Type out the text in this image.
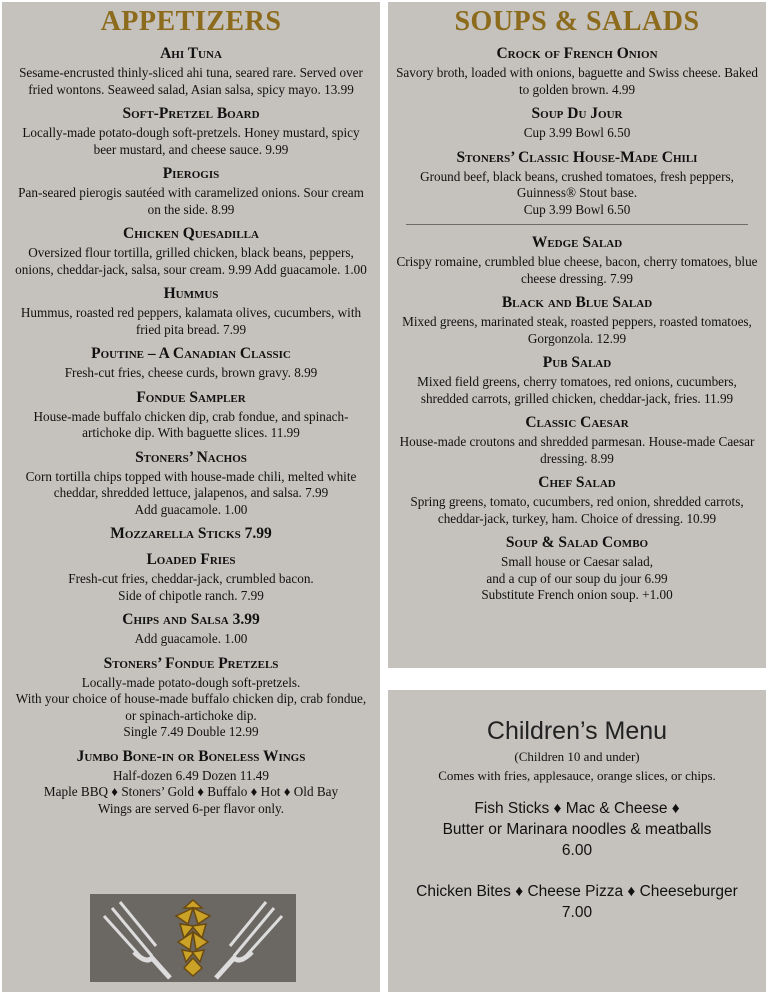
APPETIZERS
Ahi Tuna
Sesame-encrusted thinly-sliced ahi tuna, seared rare. Served over fried wontons. Seaweed salad, Asian salsa, spicy mayo. 13.99
Soft-Pretzel Board
Locally-made potato-dough soft-pretzels. Honey mustard, spicy beer mustard, and cheese sauce. 9.99
Pierogis
Pan-seared pierogis sautéed with caramelized onions. Sour cream on the side. 8.99
Chicken Quesadilla
Oversized flour tortilla, grilled chicken, black beans, peppers, onions, cheddar-jack, salsa, sour cream. 9.99 Add guacamole. 1.00
Hummus
Hummus, roasted red peppers, kalamata olives, cucumbers, with fried pita bread. 7.99
Poutine – A Canadian Classic
Fresh-cut fries, cheese curds, brown gravy. 8.99
Fondue Sampler
House-made buffalo chicken dip, crab fondue, and spinach-artichoke dip. With baguette slices. 11.99
Stoners’ Nachos
Corn tortilla chips topped with house-made chili, melted white cheddar, shredded lettuce, jalapenos, and salsa. 7.99
Add guacamole. 1.00
Mozzarella Sticks 7.99
Loaded Fries
Fresh-cut fries, cheddar-jack, crumbled bacon.
Side of chipotle ranch. 7.99
Chips and Salsa 3.99
Add guacamole. 1.00
Stoners’ Fondue Pretzels
Locally-made potato-dough soft-pretzels.
With your choice of house-made buffalo chicken dip, crab fondue, or spinach-artichoke dip.
Single 7.49 Double 12.99
Jumbo Bone-in or Boneless Wings
Half-dozen 6.49 Dozen 11.49
Maple BBQ ♦ Stoners’ Gold ♦ Buffalo ♦ Hot ♦ Old Bay
Wings are served 6-per flavor only.
SOUPS & SALADS
Crock of French Onion
Savory broth, loaded with onions, baguette and Swiss cheese. Baked to golden brown. 4.99
Soup Du Jour
Cup 3.99 Bowl 6.50
Stoners’ Classic House-Made Chili
Ground beef, black beans, crushed tomatoes, fresh peppers, Guinness® Stout base.
Cup 3.99 Bowl 6.50
Wedge Salad
Crispy romaine, crumbled blue cheese, bacon, cherry tomatoes, blue cheese dressing. 7.99
Black and Blue Salad
Mixed greens, marinated steak, roasted peppers, roasted tomatoes, Gorgonzola. 12.99
Pub Salad
Mixed field greens, cherry tomatoes, red onions, cucumbers, shredded carrots, grilled chicken, cheddar-jack, fries. 11.99
Classic Caesar
House-made croutons and shredded parmesan. House-made Caesar dressing. 8.99
Chef Salad
Spring greens, tomato, cucumbers, red onion, shredded carrots, cheddar-jack, turkey, ham. Choice of dressing. 10.99
Soup & Salad Combo
Small house or Caesar salad,
and a cup of our soup du jour 6.99
Substitute French onion soup. +1.00
Children’s Menu
(Children 10 and under)
Comes with fries, applesauce, orange slices, or chips.
Fish Sticks ♦ Mac & Cheese ♦
Butter or Marinara noodles & meatballs
6.00
Chicken Bites ♦ Cheese Pizza ♦ Cheeseburger
7.00
